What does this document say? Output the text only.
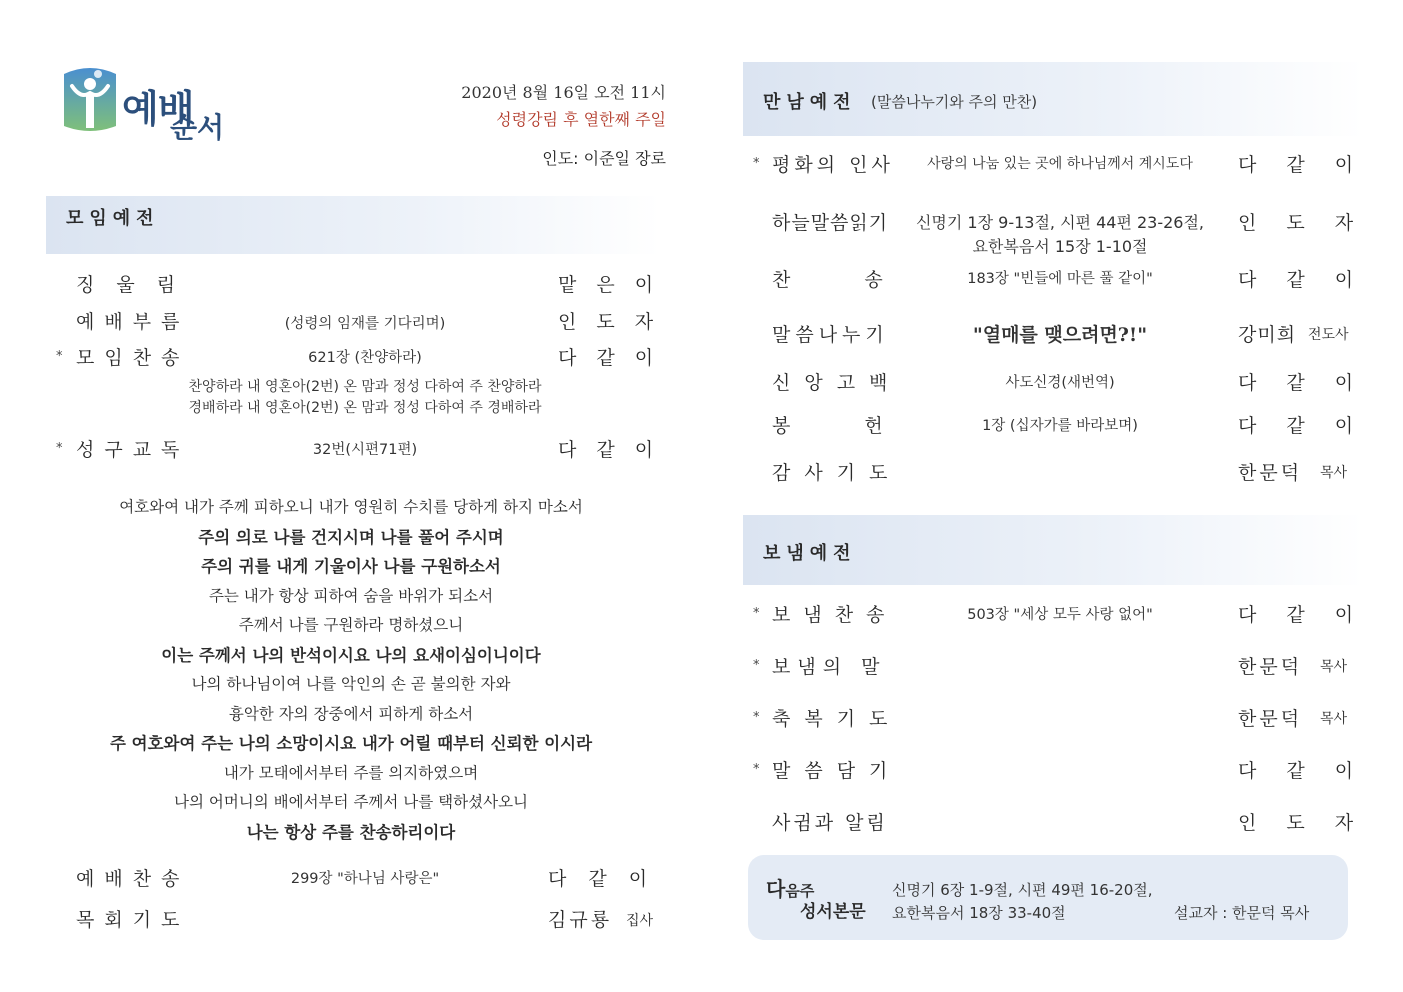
예배
순서
2020년 8월 16일 오전 11시
성령강림 후 열한째 주일
인도: 이준일 장로
모임예전
징울림	맡은이
예배부름	(성령의 임재를 기다리며)	인도자
* 모임찬송	621장 (찬양하라)	다같이
찬양하라 내 영혼아(2번) 온 맘과 정성 다하여 주 찬양하라
경배하라 내 영혼아(2번) 온 맘과 정성 다하여 주 경배하라
* 성구교독	32번(시편71편)	다같이
여호와여 내가 주께 피하오니 내가 영원히 수치를 당하게 하지 마소서
주의 의로 나를 건지시며 나를 풀어 주시며
주의 귀를 내게 기울이사 나를 구원하소서
주는 내가 항상 피하여 숨을 바위가 되소서
주께서 나를 구원하라 명하셨으니
이는 주께서 나의 반석이시요 나의 요새이심이니이다
나의 하나님이여 나를 악인의 손 곧 불의한 자와
흉악한 자의 장중에서 피하게 하소서
주 여호와여 주는 나의 소망이시요 내가 어릴 때부터 신뢰한 이시라
내가 모태에서부터 주를 의지하였으며
나의 어머니의 배에서부터 주께서 나를 택하셨사오니
나는 항상 주를 찬송하리이다
예배찬송	299장 "하나님 사랑은"	다같이
목회기도	김규룡 집사
만남예전 (말씀나누기와 주의 만찬)
* 평화의 인사	사랑의 나눔 있는 곳에 하나님께서 계시도다	다같이
하늘말씀읽기	신명기 1장 9-13절, 시편 44편 23-26절,
요한복음서 15장 1-10절
인도자
찬송 183장 "빈들에 마른 풀 같이"	다같이
말씀나누기	"열매를 맺으려면?!"	강미희 전도사
신앙고백	사도신경(새번역)	다같이
봉헌	1장 (십자가를 바라보며)	다같이
감사기도	한문덕 목사
보냄예전
* 보냄찬송	503장 "세상 모두 사랑 없어"	다같이
* 보냄의 말	한문덕 목사
* 축복기도	한문덕 목사
* 말씀담기	다같이
사귐과 알림	인도자
다음주
성서본문
신명기 6장 1-9절, 시편 49편 16-20절,
요한복음서 18장 33-40절	설교자 : 한문덕 목사
